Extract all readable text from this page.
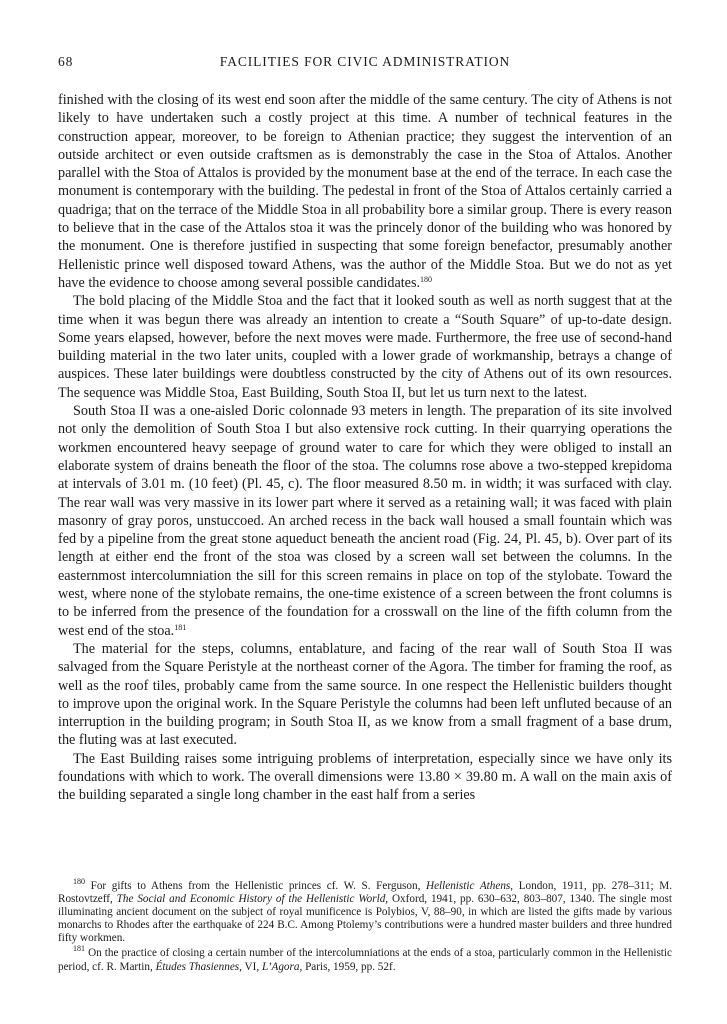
68	FACILITIES FOR CIVIC ADMINISTRATION

finished with the closing of its west end soon after the middle of the same century. The city of Athens is not likely to have undertaken such a costly project at this time. A number of technical features in the construction appear, moreover, to be foreign to Athenian practice; they suggest the intervention of an outside architect or even outside craftsmen as is demonstrably the case in the Stoa of Attalos. Another parallel with the Stoa of Attalos is provided by the monument base at the end of the terrace. In each case the monument is contemporary with the building. The pedestal in front of the Stoa of Attalos certainly carried a quadriga; that on the terrace of the Middle Stoa in all probability bore a similar group. There is every reason to believe that in the case of the Attalos stoa it was the princely donor of the building who was honored by the monument. One is therefore justified in suspecting that some foreign benefactor, presumably another Hellenistic prince well disposed toward Athens, was the author of the Middle Stoa. But we do not as yet have the evidence to choose among several possible candidates.$^{180}$

The bold placing of the Middle Stoa and the fact that it looked south as well as north suggest that at the time when it was begun there was already an intention to create a “South Square” of up-to-date design. Some years elapsed, however, before the next moves were made. Furthermore, the free use of second-hand building material in the two later units, coupled with a lower grade of workmanship, betrays a change of auspices. These later buildings were doubtless constructed by the city of Athens out of its own resources. The sequence was Middle Stoa, East Building, South Stoa II, but let us turn next to the latest.

South Stoa II was a one-aisled Doric colonnade 93 meters in length. The preparation of its site involved not only the demolition of South Stoa I but also extensive rock cutting. In their quarrying operations the workmen encountered heavy seepage of ground water to care for which they were obliged to install an elaborate system of drains beneath the floor of the stoa. The columns rose above a two-stepped krepidoma at intervals of 3.01 m. (10 feet) (Pl. 45, c). The floor measured 8.50 m. in width; it was surfaced with clay. The rear wall was very massive in its lower part where it served as a retaining wall; it was faced with plain masonry of gray poros, unstuccoed. An arched recess in the back wall housed a small fountain which was fed by a pipeline from the great stone aqueduct beneath the ancient road (Fig. 24, Pl. 45, b). Over part of its length at either end the front of the stoa was closed by a screen wall set between the columns. In the easternmost intercolumniation the sill for this screen remains in place on top of the stylobate. Toward the west, where none of the stylobate remains, the one-time existence of a screen between the front columns is to be inferred from the presence of the foundation for a crosswall on the line of the fifth column from the west end of the stoa.$^{181}$

The material for the steps, columns, entablature, and facing of the rear wall of South Stoa II was salvaged from the Square Peristyle at the northeast corner of the Agora. The timber for framing the roof, as well as the roof tiles, probably came from the same source. In one respect the Hellenistic builders thought to improve upon the original work. In the Square Peristyle the columns had been left unfluted because of an interruption in the building program; in South Stoa II, as we know from a small fragment of a base drum, the fluting was at last executed.

The East Building raises some intriguing problems of interpretation, especially since we have only its foundations with which to work. The overall dimensions were 13.80 × 39.80 m. A wall on the main axis of the building separated a single long chamber in the east half from a series

$^{180}$ For gifts to Athens from the Hellenistic princes cf. W. S. Ferguson, Hellenistic Athens, London, 1911, pp. 278–311; M. Rostovtzeff, The Social and Economic History of the Hellenistic World, Oxford, 1941, pp. 630–632, 803–807, 1340. The single most illuminating ancient document on the subject of royal munificence is Polybios, V, 88–90, in which are listed the gifts made by various monarchs to Rhodes after the earthquake of 224 B.C. Among Ptolemy’s contributions were a hundred master builders and three hundred fifty workmen.

$^{181}$ On the practice of closing a certain number of the intercolumniations at the ends of a stoa, particularly common in the Hellenistic period, cf. R. Martin, Études Thasiennes, VI, L’Agora, Paris, 1959, pp. 52f.
